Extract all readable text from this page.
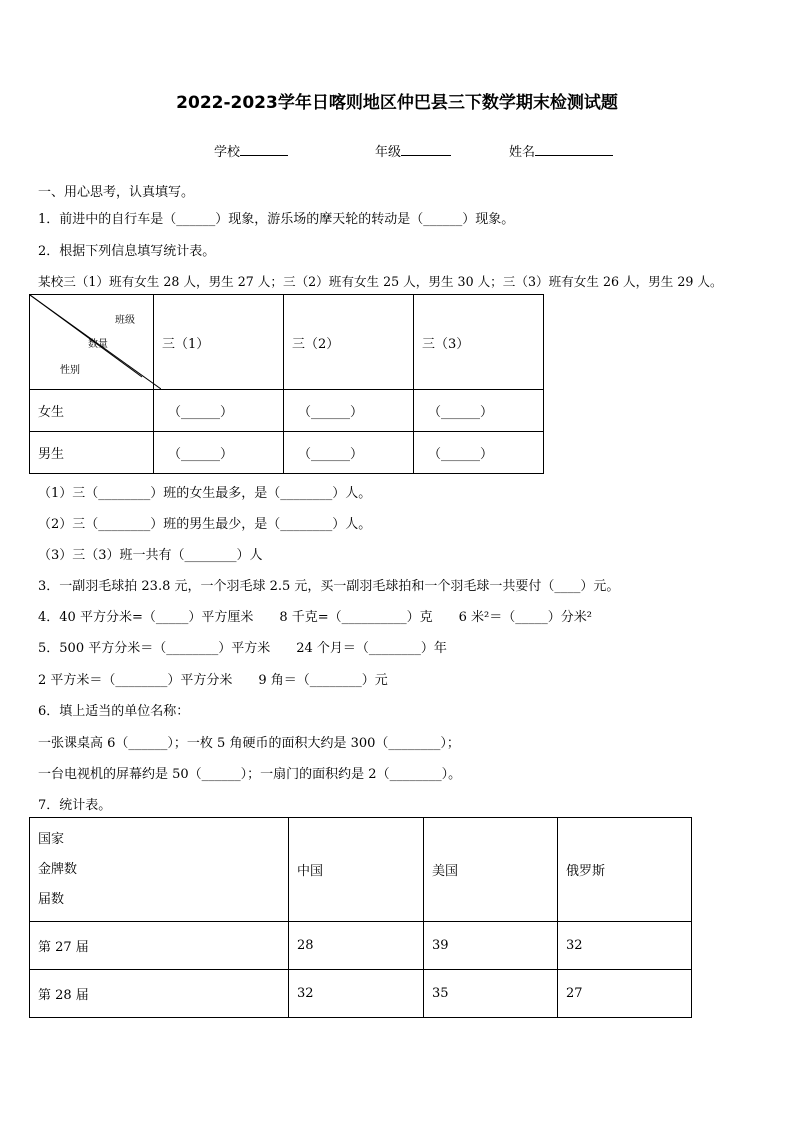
2022-2023学年日喀则地区仲巴县三下数学期末检测试题
学校	年级	姓名
一、用心思考，认真填写。
1．前进中的自行车是（______）现象，游乐场的摩天轮的转动是（______）现象。
2．根据下列信息填写统计表。
某校三（1）班有女生 28 人，男生 27 人；三（2）班有女生 25 人，男生 30 人；三（3）班有女生 26 人，男生 29 人。
班级
数量
性别	三（1）	三（2）	三（3）
女生	（______）	（______）	（______）
男生	（______）	（______）	（______）
（1）三（________）班的女生最多，是（________）人。
（2）三（________）班的男生最少，是（________）人。
（3）三（3）班一共有（________）人
3．一副羽毛球拍 23.8 元，一个羽毛球 2.5 元，买一副羽毛球拍和一个羽毛球一共要付（____）元。
4．40 平方分米=（_____）平方厘米　　8 千克=（__________）克　　6 米²＝（_____）分米²
5．500 平方分米＝（________）平方米　　24 个月＝（________）年
2 平方米＝（________）平方分米　　9 角＝（________）元
6．填上适当的单位名称：
一张课桌高 6（______）；一枚 5 角硬币的面积大约是 300（________）；
一台电视机的屏幕约是 50（______）；一扇门的面积约是 2（________）。
7．统计表。
国家
金牌数
届数	中国	美国	俄罗斯
第 27 届	28	39	32
第 28 届	32	35	27
